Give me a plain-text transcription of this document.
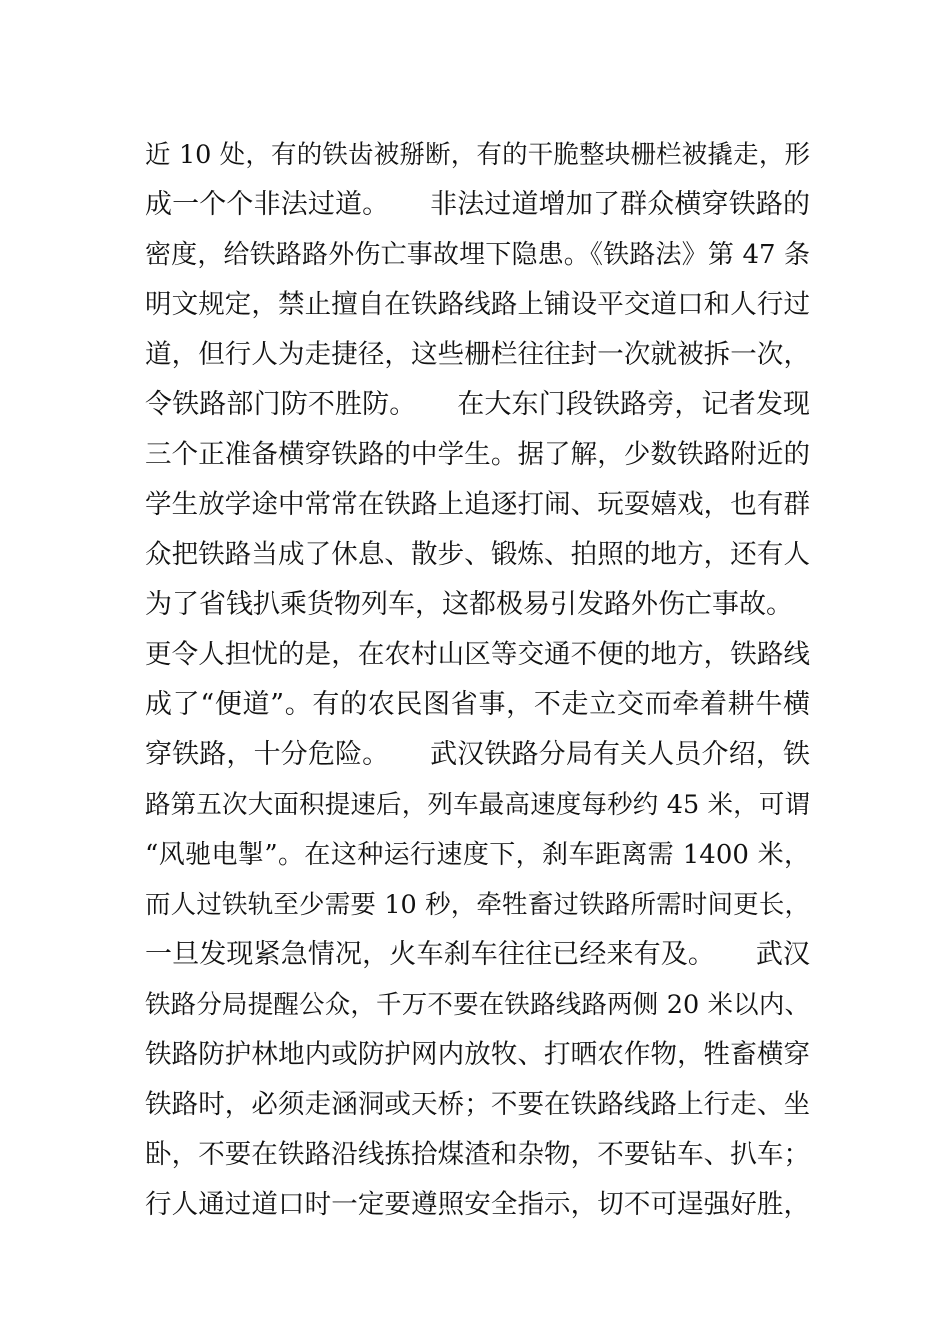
近 10 处，有的铁齿被掰断，有的干脆整块栅栏被撬走，形
成一个个非法过道。　　非法过道增加了群众横穿铁路的
密度，给铁路路外伤亡事故埋下隐患。《铁路法》第 47 条
明文规定，禁止擅自在铁路线路上铺设平交道口和人行过
道，但行人为走捷径，这些栅栏往往封一次就被拆一次，
令铁路部门防不胜防。　　在大东门段铁路旁，记者发现
三个正准备横穿铁路的中学生。据了解，少数铁路附近的
学生放学途中常常在铁路上追逐打闹、玩耍嬉戏，也有群
众把铁路当成了休息、散步、锻炼、拍照的地方，还有人
为了省钱扒乘货物列车，这都极易引发路外伤亡事故。
更令人担忧的是，在农村山区等交通不便的地方，铁路线
成了“便道”。有的农民图省事，不走立交而牵着耕牛横
穿铁路，十分危险。　　武汉铁路分局有关人员介绍，铁
路第五次大面积提速后，列车最高速度每秒约 45 米，可谓
“风驰电掣”。在这种运行速度下，刹车距离需 1400 米，
而人过铁轨至少需要 10 秒，牵牲畜过铁路所需时间更长，
一旦发现紧急情况，火车刹车往往已经来有及。　　武汉
铁路分局提醒公众，千万不要在铁路线路两侧 20 米以内、
铁路防护林地内或防护网内放牧、打晒农作物，牲畜横穿
铁路时，必须走涵洞或天桥；不要在铁路线路上行走、坐
卧，不要在铁路沿线拣拾煤渣和杂物，不要钻车、扒车；
行人通过道口时一定要遵照安全指示，切不可逞强好胜，
